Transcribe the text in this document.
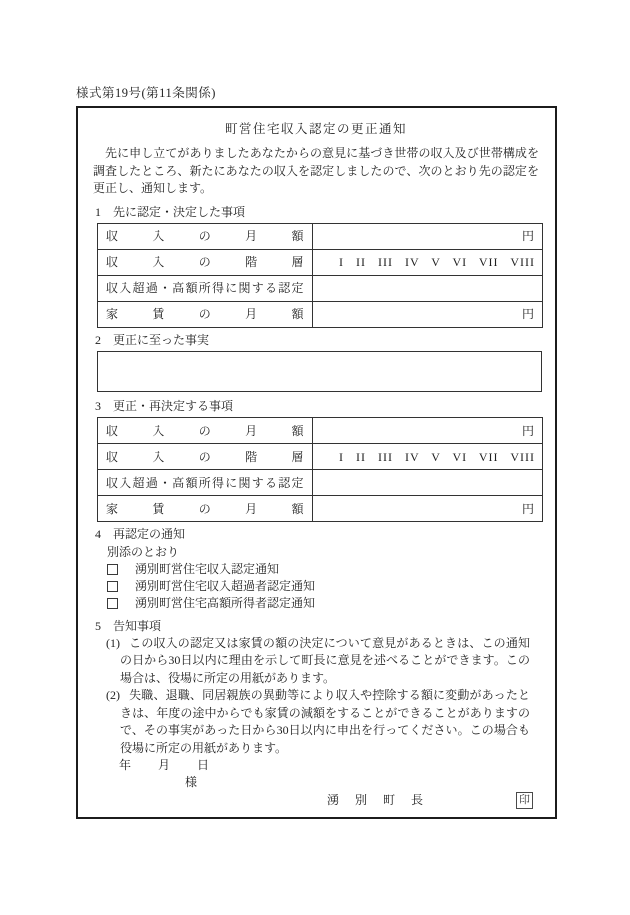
様式第19号(第11条関係)
町営住宅収入認定の更正通知

　先に申し立てがありましたあなたからの意見に基づき世帯の収入及び世帯構成を調査したところ、新たにあなたの収入を認定しましたので、次のとおり先の認定を更正し、通知します。

1　先に認定・決定した事項
収　入　の　月　額	円
収　入　の　階　層	I   II   III   IV   V   VI   VII   VIII
収入超過・高額所得に関する認定	
家　賃　の　月　額	円
2　更正に至った事実
3　更正・再決定する事項
収　入　の　月　額	円
収　入　の　階　層	I   II   III   IV   V   VI   VII   VIII
収入超過・高額所得に関する認定	
家　賃　の　月　額	円
4　再認定の通知
別添のとおり
湧別町営住宅収入認定通知
湧別町営住宅収入超過者認定通知
湧別町営住宅高額所得者認定通知
5　告知事項

(1) この収入の認定又は家賃の額の決定について意見があるときは、この通知の日から30日以内に理由を示して町長に意見を述べることができます。この場合は、役場に所定の用紙があります。

(2) 失職、退職、同居親族の異動等により収入や控除する額に変動があったときは、年度の途中からでも家賃の減額をすることができることがありますので、その事実があった日から30日以内に申出を行ってください。この場合も役場に所定の用紙があります。

年　　月　　日
様
湧　別　町　長	印
